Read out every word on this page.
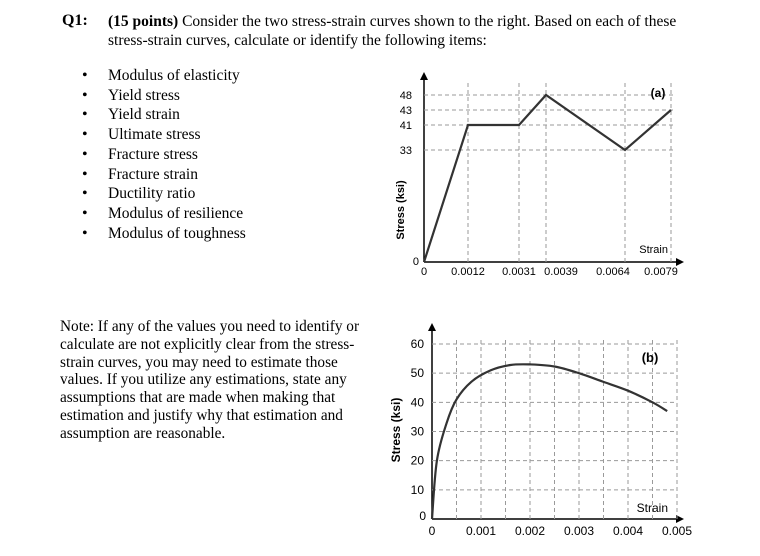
Q1: (15 points) Consider the two stress-strain curves shown to the right. Based on each of these stress-strain curves, calculate or identify the following items:
• Modulus of elasticity
• Yield stress
• Yield strain
• Ultimate stress
• Fracture stress
• Fracture strain
• Ductility ratio
• Modulus of resilience
• Modulus of toughness
Note: If any of the values you need to identify or calculate are not explicitly clear from the stress-strain curves, you may need to estimate those values. If you utilize any estimations, state any assumptions that are made when making that estimation and justify why that estimation and assumption are reasonable.
33
41
43
48
0
0 0.0012 0.0031 0.0039 0.0064 0.0079
Stress (ksi)
Strain
(a)
0
10
20
30
40
50
60
0	0.001 0.002 0.003 0.004 0.005
Stress (ksi)
Strain
(b)
